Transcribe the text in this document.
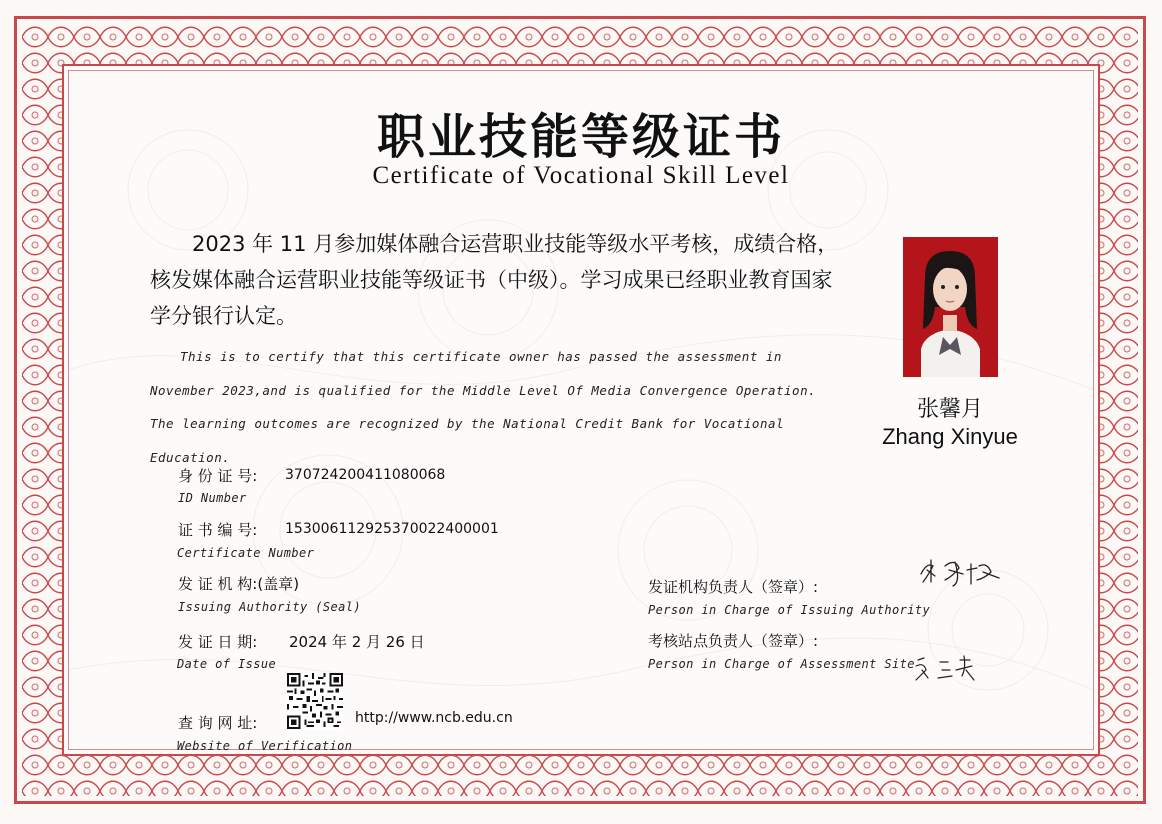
职业技能等级证书
Certificate of Vocational Skill Level
2023 年 11 月参加媒体融合运营职业技能等级水平考核，成绩合格，核发媒体融合运营职业技能等级证书（中级）。学习成果已经职业教育国家学分银行认定。
This is to certify that this certificate owner has passed the assessment in November 2023,and is qualified for the Middle Level Of Media Convergence Operation. The learning outcomes are recognized by the National Credit Bank for Vocational Education.
张馨月
Zhang Xinyue
身 份 证 号: 370724200411080068
ID Number
证 书 编 号: 15300611292537002240000​1
Certificate Number
发 证 机 构:(盖章)
Issuing Authority (Seal)
发 证 日 期: 2024 年 2 月 26 日
Date of Issue
查 询 网 址:	http://www.ncb.edu.cn
Website of Verification
发证机构负责人（签章）:
Person in Charge of Issuing Authority
考核站点负责人（签章）:
Person in Charge of Assessment Site
